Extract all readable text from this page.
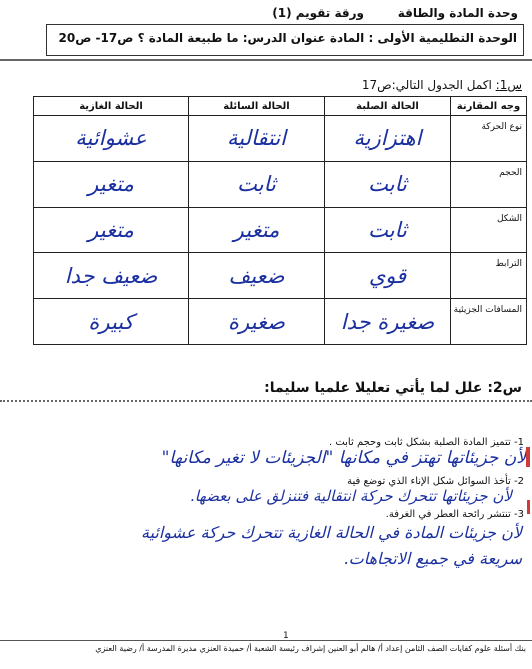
وحدة المادة والطاقة
ورقة تقويم (1)
الوحدة التطليمية الأولى : المادة عنوان الدرس: ما طبيعة المادة ؟ ص17- ص20
س1: اكمل الجدول التالي:ص17
وجه المقارنة	الحالة الصلبة	الحالة السائلة	الحالة الغازية
نوع الحركة	اهتزازية	انتقالية	عشوائية
الحجم	ثابت	ثابت	متغير
الشكل	ثابت	متغير	متغير
الترابط	قوي	ضعيف	ضعيف جدا
المسافات الجزيئية	صغيرة جدا	صغيرة	كبيرة
س2: علل لما يأتي تعليلا علميا سليما:
1- تتميز المادة الصلبة بشكل ثابت وحجم ثابت .
لأن جزيئاتها تهتز في مكانها "الجزيئات لا تغير مكانها"
2- تأخذ السوائل شكل الإناء الذي توضع فية
لأن جزيئاتها تتحرك حركة انتقالية فتنزلق على بعضها.
3- تنتشر رائحة العطر في الغرفة.
لأن جزيئات المادة في الحالة الغازية تتحرك حركة عشوائية سريعة في جميع الاتجاهات.
1
بنك أسئلة علوم كفايات الصف الثامن إعداد أ/ هالم أبو العنين إشراف رئيسة الشعبة أ/ حميدة العنزي مديرة المدرسة أ/ رضية العنزي
